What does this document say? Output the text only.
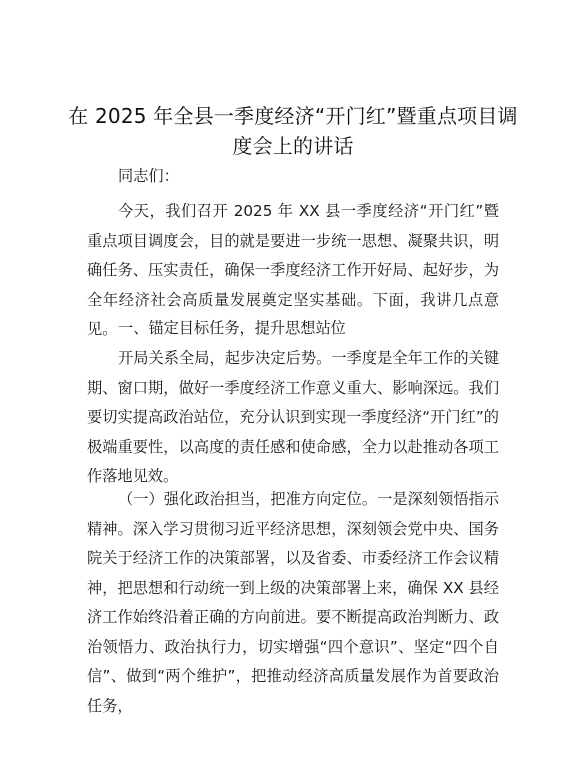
在 2025 年全县一季度经济“开门红”暨重点项目调度会上的讲话
同志们：
今天，我们召开 2025 年 XX 县一季度经济“开门红”暨重点项目调度会，目的就是要进一步统一思想、凝聚共识，明确任务、压实责任，确保一季度经济工作开好局、起好步，为全年经济社会高质量发展奠定坚实基础。下面，我讲几点意见。 一、锚定目标任务，提升思想站位
开局关系全局，起步决定后势。一季度是全年工作的关键期、窗口期，做好一季度经济工作意义重大、影响深远。我们要切实提高政治站位，充分认识到实现一季度经济“开门红”的极端重要性，以高度的责任感和使命感，全力以赴推动各项工作落地见效。
（一）强化政治担当，把准方向定位。一是深刻领悟指示精神。深入学习贯彻习近平经济思想，深刻领会党中央、国务院关于经济工作的决策部署，以及省委、市委经济工作会议精神，把思想和行动统一到上级的决策部署上来，确保 XX 县经济工作始终沿着正确的方向前进。要不断提高政治判断力、政治领悟力、政治执行力，切实增强“四个意识”、坚定“四个自信”、做到“两个维护”，把推动经济高质量发展作为首要政治任务，
